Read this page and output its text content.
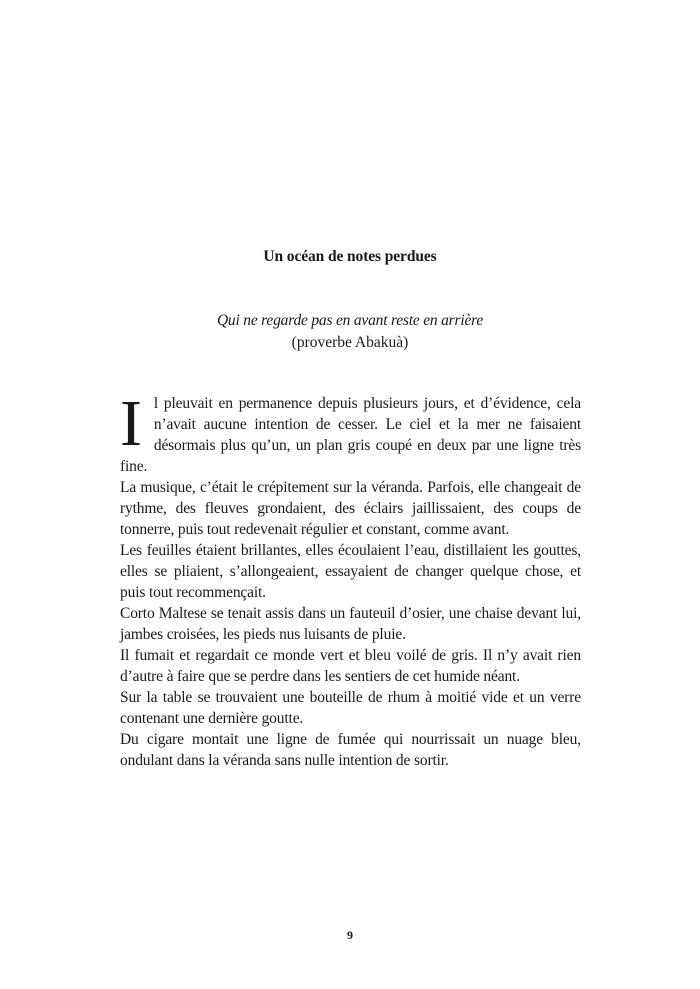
Un océan de notes perdues
Qui ne regarde pas en avant reste en arrière
(proverbe Abakuà)

Il pleuvait en permanence depuis plusieurs jours, et d’évidence, cela n’avait aucune intention de cesser. Le ciel et la mer ne faisaient désormais plus qu’un, un plan gris coupé en deux par une ligne très fine.

La musique, c’était le crépitement sur la véranda. Parfois, elle changeait de rythme, des fleuves grondaient, des éclairs jaillissaient, des coups de tonnerre, puis tout redevenait régulier et constant, comme avant.

Les feuilles étaient brillantes, elles écoulaient l’eau, distillaient les gouttes, elles se pliaient, s’allongeaient, essayaient de changer quelque chose, et puis tout recommençait.

Corto Maltese se tenait assis dans un fauteuil d’osier, une chaise devant lui, jambes croisées, les pieds nus luisants de pluie.

Il fumait et regardait ce monde vert et bleu voilé de gris. Il n’y avait rien d’autre à faire que se perdre dans les sentiers de cet humide néant.

Sur la table se trouvaient une bouteille de rhum à moitié vide et un verre contenant une dernière goutte.

Du cigare montait une ligne de fumée qui nourrissait un nuage bleu, ondulant dans la véranda sans nulle intention de sortir.

9
